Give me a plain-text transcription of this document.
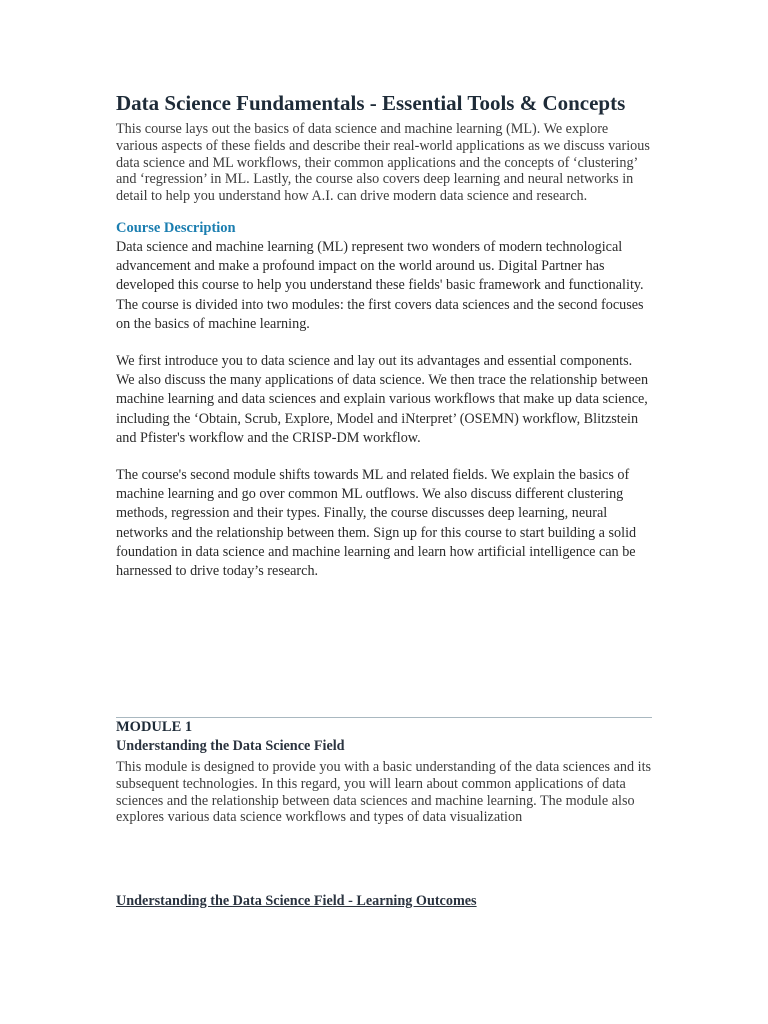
Data Science Fundamentals - Essential Tools & Concepts

This course lays out the basics of data science and machine learning (ML). We explore various aspects of these fields and describe their real-world applications as we discuss various data science and ML workflows, their common applications and the concepts of ‘clustering’ and ‘regression’ in ML. Lastly, the course also covers deep learning and neural networks in detail to help you understand how A.I. can drive modern data science and research.

Course Description

Data science and machine learning (ML) represent two wonders of modern technological advancement and make a profound impact on the world around us. Digital Partner has developed this course to help you understand these fields' basic framework and functionality. The course is divided into two modules: the first covers data sciences and the second focuses on the basics of machine learning.

We first introduce you to data science and lay out its advantages and essential components. We also discuss the many applications of data science. We then trace the relationship between machine learning and data sciences and explain various workflows that make up data science, including the ‘Obtain, Scrub, Explore, Model and iNterpret’ (OSEMN) workflow, Blitzstein and Pfister's workflow and the CRISP-DM workflow.

The course's second module shifts towards ML and related fields. We explain the basics of machine learning and go over common ML outflows. We also discuss different clustering methods, regression and their types. Finally, the course discusses deep learning, neural networks and the relationship between them. Sign up for this course to start building a solid foundation in data science and machine learning and learn how artificial intelligence can be harnessed to drive today’s research.

MODULE 1
Understanding the Data Science Field

This module is designed to provide you with a basic understanding of the data sciences and its subsequent technologies. In this regard, you will learn about common applications of data sciences and the relationship between data sciences and machine learning. The module also explores various data science workflows and types of data visualization

Understanding the Data Science Field - Learning Outcomes
